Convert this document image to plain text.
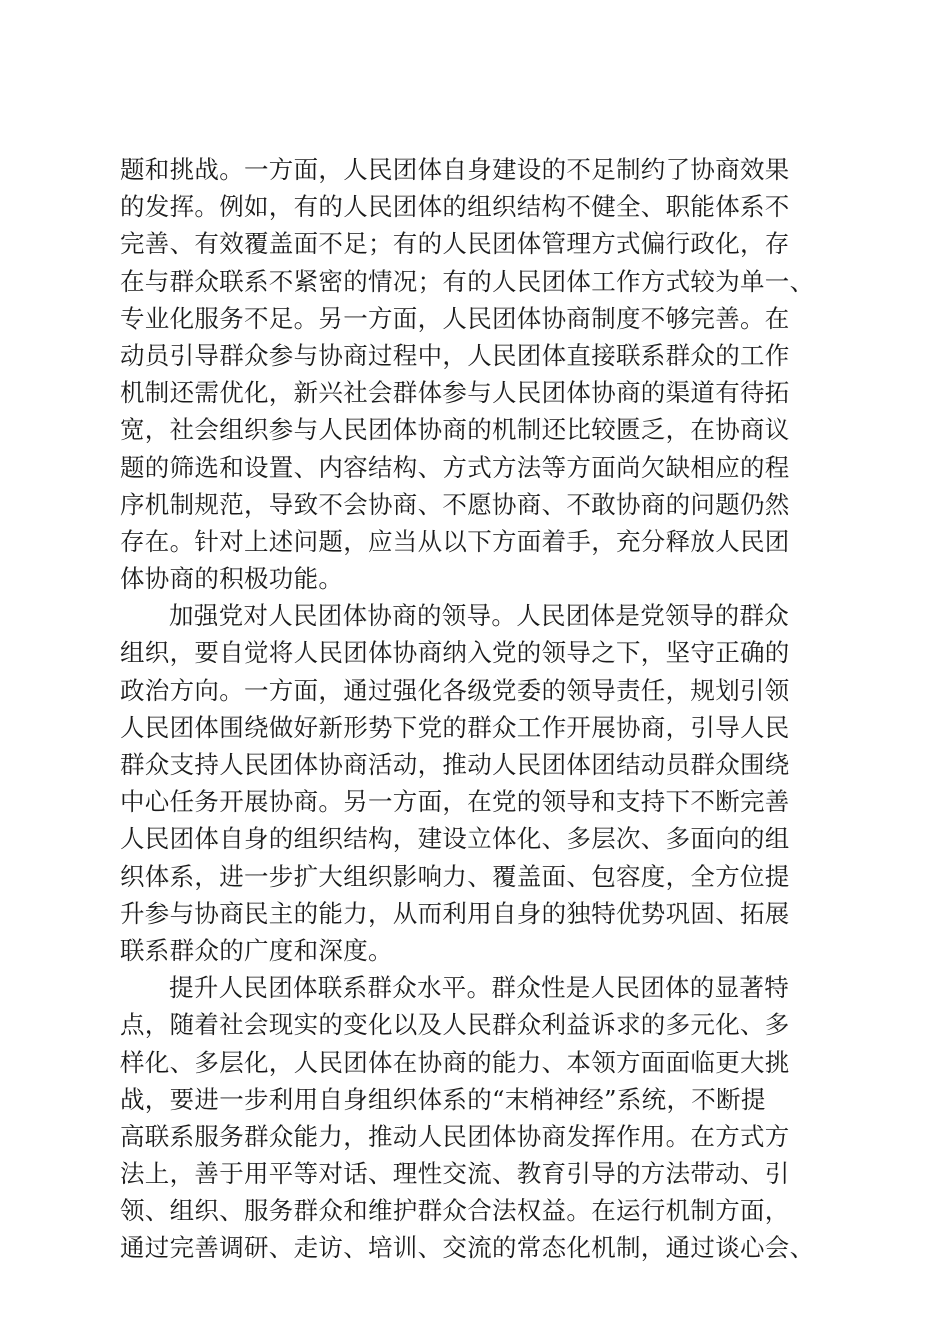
题和挑战。一方面，人民团体自身建设的不足制约了协商效果
的发挥。例如，有的人民团体的组织结构不健全、职能体系不
完善、有效覆盖面不足；有的人民团体管理方式偏行政化，存
在与群众联系不紧密的情况；有的人民团体工作方式较为单一、
专业化服务不足。另一方面，人民团体协商制度不够完善。在
动员引导群众参与协商过程中，人民团体直接联系群众的工作
机制还需优化，新兴社会群体参与人民团体协商的渠道有待拓
宽，社会组织参与人民团体协商的机制还比较匮乏，在协商议
题的筛选和设置、内容结构、方式方法等方面尚欠缺相应的程
序机制规范，导致不会协商、不愿协商、不敢协商的问题仍然
存在。针对上述问题，应当从以下方面着手，充分释放人民团
体协商的积极功能。
加强党对人民团体协商的领导。人民团体是党领导的群众
组织，要自觉将人民团体协商纳入党的领导之下，坚守正确的
政治方向。一方面，通过强化各级党委的领导责任，规划引领
人民团体围绕做好新形势下党的群众工作开展协商，引导人民
群众支持人民团体协商活动，推动人民团体团结动员群众围绕
中心任务开展协商。另一方面，在党的领导和支持下不断完善
人民团体自身的组织结构，建设立体化、多层次、多面向的组
织体系，进一步扩大组织影响力、覆盖面、包容度，全方位提
升参与协商民主的能力，从而利用自身的独特优势巩固、拓展
联系群众的广度和深度。
提升人民团体联系群众水平。群众性是人民团体的显著特
点，随着社会现实的变化以及人民群众利益诉求的多元化、多
样化、多层化，人民团体在协商的能力、本领方面面临更大挑
战，要进一步利用自身组织体系的“末梢神经”系统，不断提
高联系服务群众能力，推动人民团体协商发挥作用。在方式方
法上，善于用平等对话、理性交流、教育引导的方法带动、引
领、组织、服务群众和维护群众合法权益。在运行机制方面，
通过完善调研、走访、培训、交流的常态化机制，通过谈心会、
